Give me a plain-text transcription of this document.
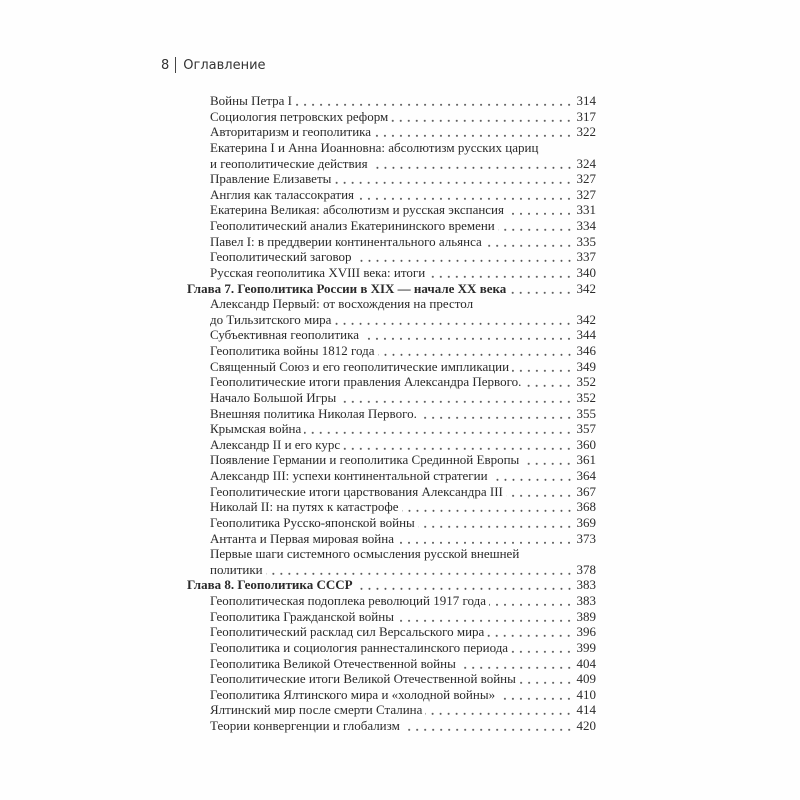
8 Оглавление
Войны Петра I	314
Социология петровских реформ	317
Авторитаризм и геополитика	322
Екатерина I и Анна Иоанновна: абсолютизм русских цариц
и геополитические действия	324
Правление Елизаветы	327
Англия как талассократия	327
Екатерина Великая: абсолютизм и русская экспансия	331
Геополитический анализ Екатерининского времени	334
Павел I: в преддверии континентального альянса	335
Геополитический заговор	337
Русская геополитика XVIII века: итоги	340
Глава 7. Геополитика России в XIX — начале XX века	342
Александр Первый: от восхождения на престол
до Тильзитского мира	342
Субъективная геополитика	344
Геополитика войны 1812 года	346
Священный Союз и его геополитические импликации	349
Геополитические итоги правления Александра Первого.	352
Начало Большой Игры	352
Внешняя политика Николая Первого.	355
Крымская война	357
Александр II и его курс	360
Появление Германии и геополитика Срединной Европы	361
Александр III: успехи континентальной стратегии	364
Геополитические итоги царствования Александра III	367
Николай II: на путях к катастрофе	368
Геополитика Русско-японской войны	369
Антанта и Первая мировая война	373
Первые шаги системного осмысления русской внешней
политики	378
Глава 8. Геополитика СССР	383
Геополитическая подоплека революций 1917 года	383
Геополитика Гражданской войны	389
Геополитический расклад сил Версальского мира	396
Геополитика и социология раннесталинского периода	399
Геополитика Великой Отечественной войны	404
Геополитические итоги Великой Отечественной войны	409
Геополитика Ялтинского мира и «холодной войны»	410
Ялтинский мир после смерти Сталина	414
Теории конвергенции и глобализм	420
